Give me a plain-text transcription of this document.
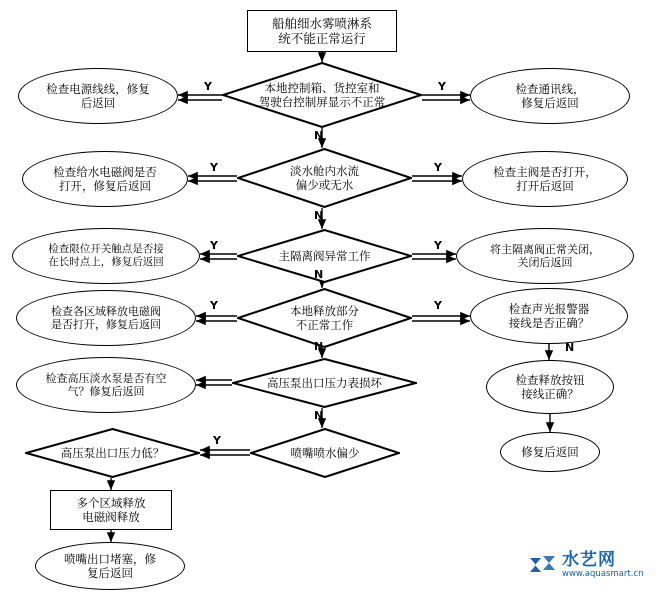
船舶细水雾喷淋系
统不能正常运行
本地控制箱、货控室和
驾驶台控制屏显示不正常
检查电源线线，修复
后返回
检查通讯线，
修复后返回
淡水舱内水流
偏少或无水
检查给水电磁阀是否
打开，修复后返回
检查主阀是否打开，
打开后返回
主隔离阀异常工作
检查限位开关触点是否接
在长时点上，修复后返回
将主隔离阀正常关闭，
关闭后返回
本地释放部分
不正常工作
检查各区域释放电磁阀
是否打开，修复后返回
检查声光报警器
接线是否正确？
高压泵出口压力表损坏
检查高压淡水泵是否有空
气？修复后返回
检查释放按钮
接线正确？
修复后返回
喷嘴喷水偏少
高压泵出口压力低？
多个区域释放
电磁阀释放
喷嘴出口堵塞，修
复后返回
Y	Y
N
Y	Y
N
Y	Y
N
Y	Y
N	N
Y
N
水艺网
www.aquasmart.cn
